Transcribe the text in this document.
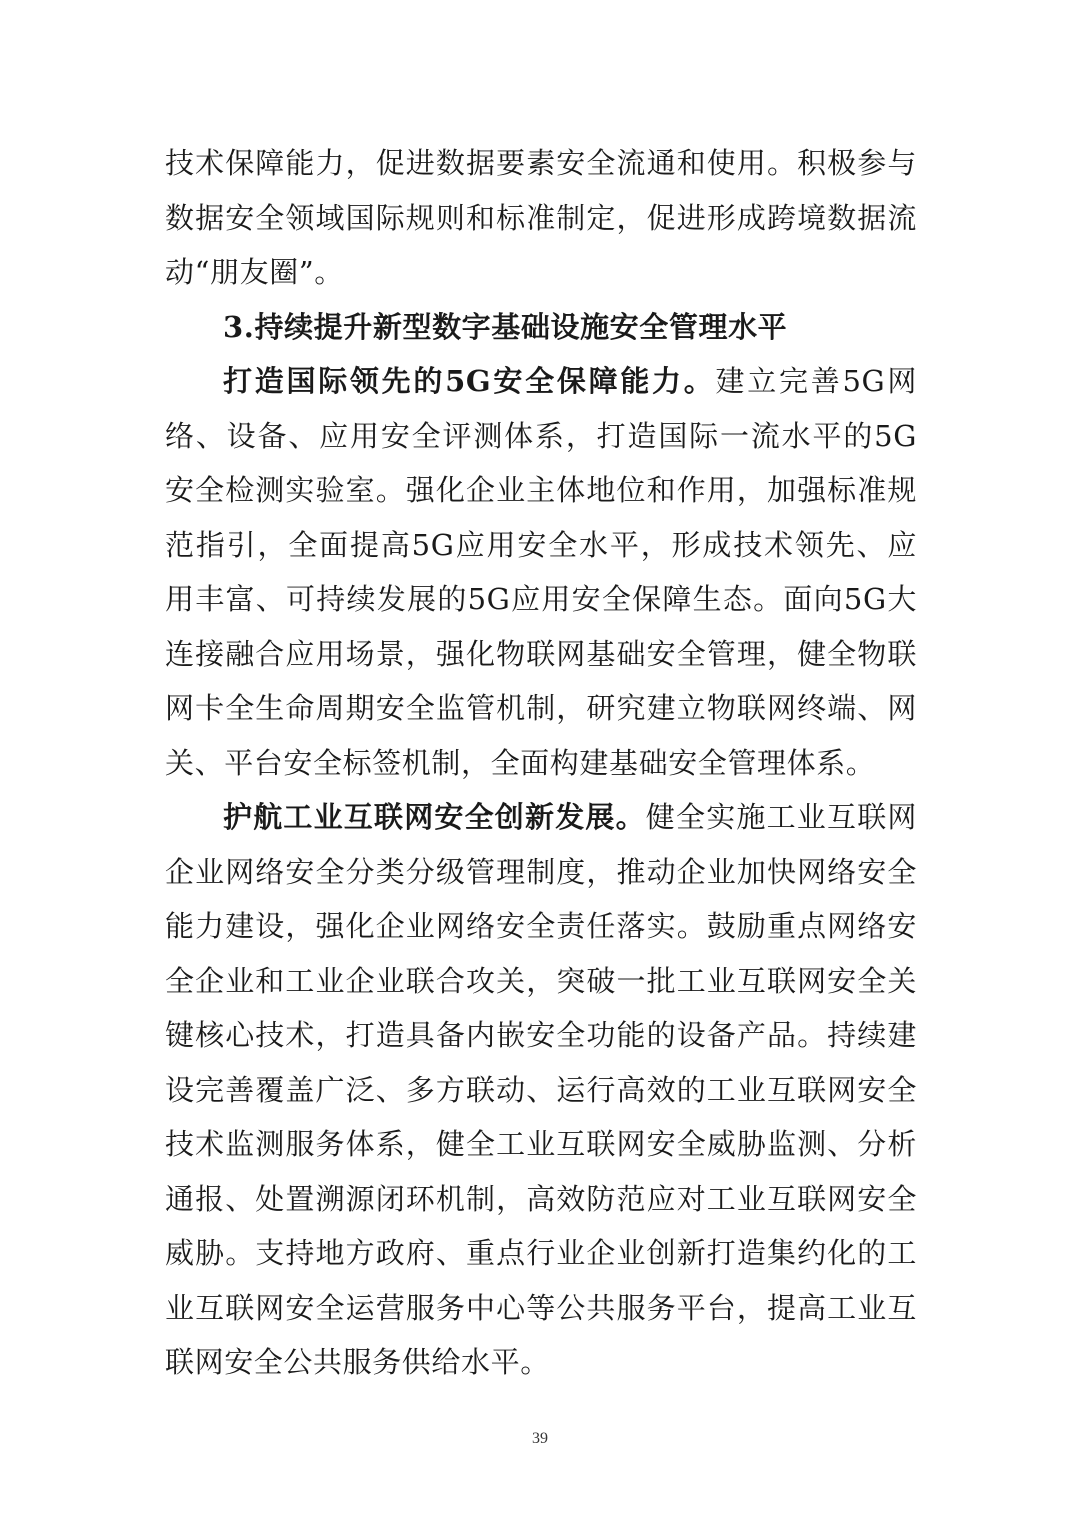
技术保障能力，促进数据要素安全流通和使用。积极参与数据安全领域国际规则和标准制定，促进形成跨境数据流动“朋友圈”。

3.持续提升新型数字基础设施安全管理水平

打造国际领先的5G安全保障能力。建立完善5G网络、设备、应用安全评测体系，打造国际一流水平的5G安全检测实验室。强化企业主体地位和作用，加强标准规范指引，全面提高5G应用安全水平，形成技术领先、应用丰富、可持续发展的5G应用安全保障生态。面向5G大连接融合应用场景，强化物联网基础安全管理，健全物联网卡全生命周期安全监管机制，研究建立物联网终端、网关、平台安全标签机制，全面构建基础安全管理体系。

护航工业互联网安全创新发展。健全实施工业互联网企业网络安全分类分级管理制度，推动企业加快网络安全能力建设，强化企业网络安全责任落实。鼓励重点网络安全企业和工业企业联合攻关，突破一批工业互联网安全关键核心技术，打造具备内嵌安全功能的设备产品。持续建设完善覆盖广泛、多方联动、运行高效的工业互联网安全技术监测服务体系，健全工业互联网安全威胁监测、分析通报、处置溯源闭环机制，高效防范应对工业互联网安全威胁。支持地方政府、重点行业企业创新打造集约化的工业互联网安全运营服务中心等公共服务平台，提高工业互联网安全公共服务供给水平。

39
